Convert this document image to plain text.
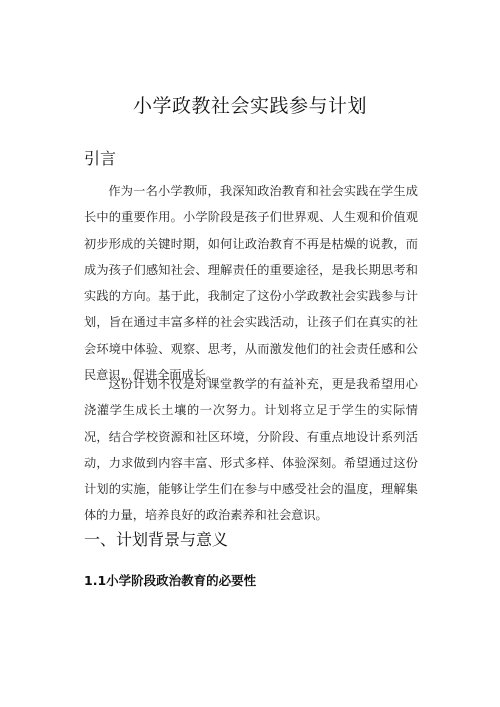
小学政教社会实践参与计划
引言

作为一名小学教师，我深知政治教育和社会实践在学生成长中的重要作用。小学阶段是孩子们世界观、人生观和价值观初步形成的关键时期，如何让政治教育不再是枯燥的说教，而成为孩子们感知社会、理解责任的重要途径，是我长期思考和实践的方向。基于此，我制定了这份小学政教社会实践参与计划，旨在通过丰富多样的社会实践活动，让孩子们在真实的社会环境中体验、观察、思考，从而激发他们的社会责任感和公民意识，促进全面成长。

这份计划不仅是对课堂教学的有益补充，更是我希望用心浇灌学生成长土壤的一次努力。计划将立足于学生的实际情况，结合学校资源和社区环境，分阶段、有重点地设计系列活动，力求做到内容丰富、形式多样、体验深刻。希望通过这份计划的实施，能够让学生们在参与中感受社会的温度，理解集体的力量，培养良好的政治素养和社会意识。

一、计划背景与意义
1.1小学阶段政治教育的必要性
